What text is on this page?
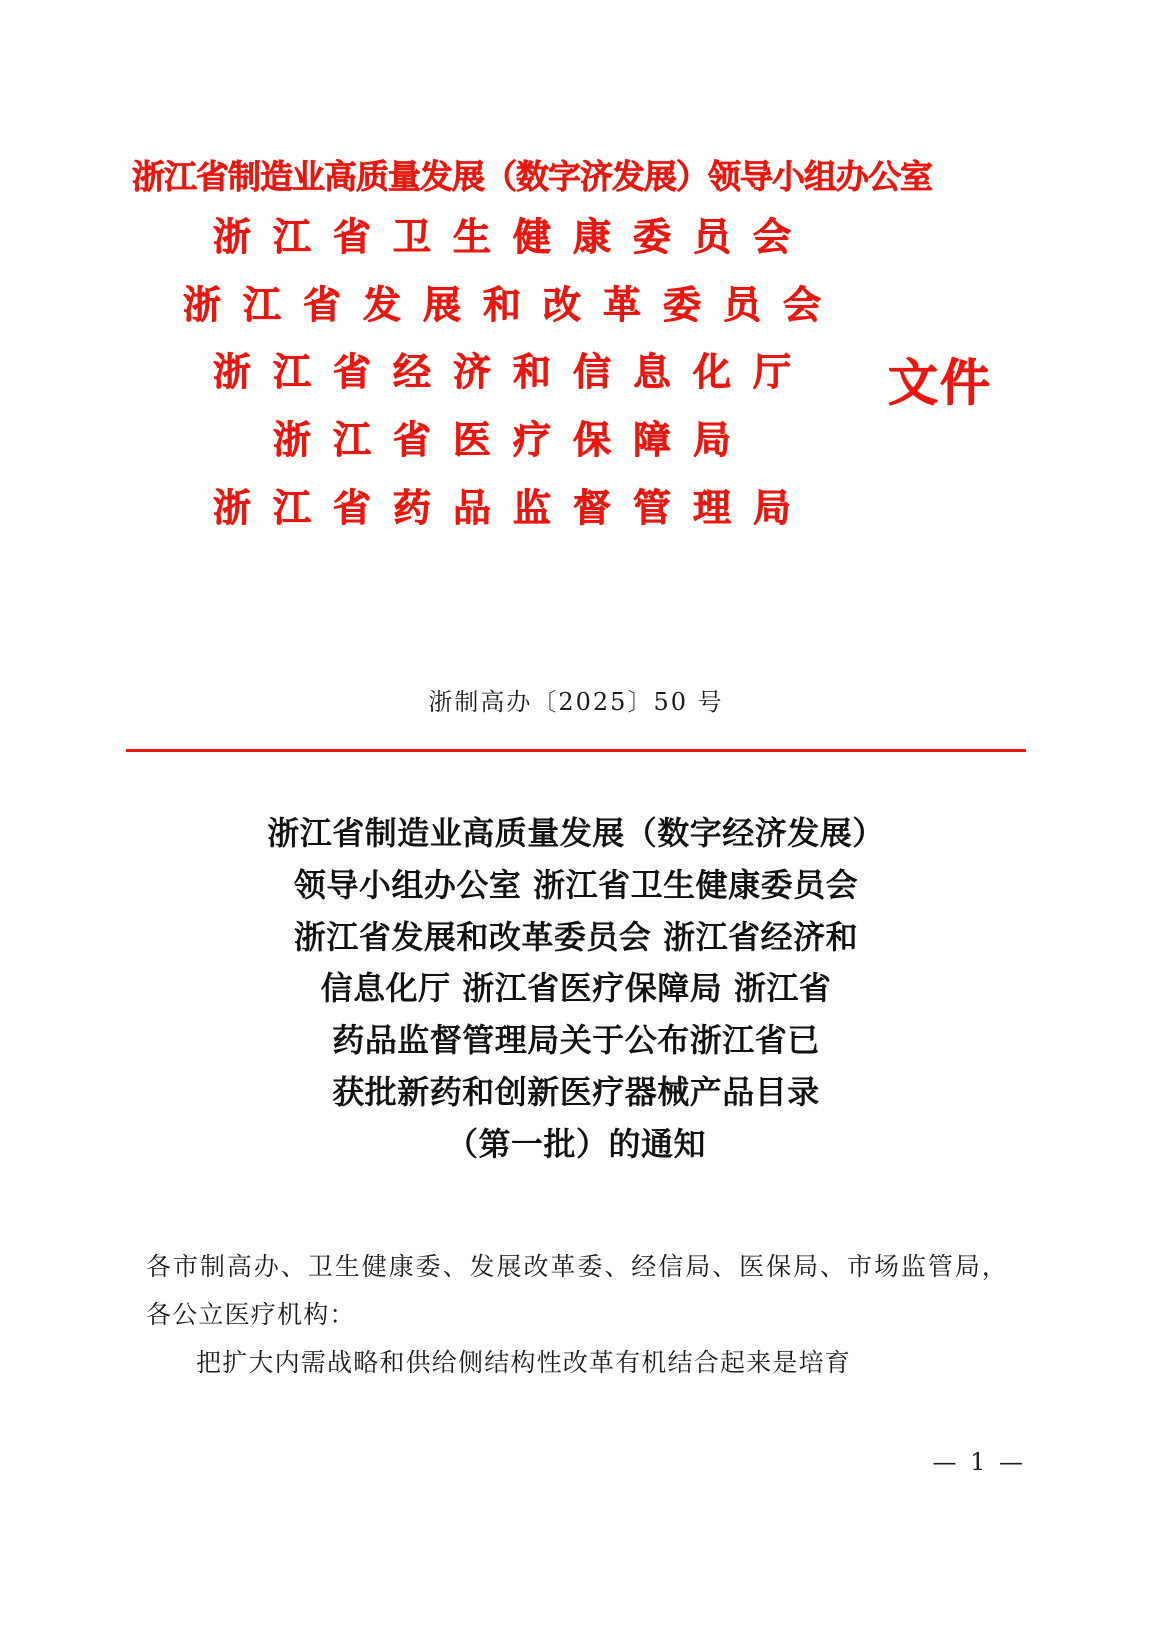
浙江省制造业高质量发展（数字济发展）领导小组办公室
浙江省卫生健康委员会
浙江省发展和改革委员会
浙江省经济和信息化厅
浙江省医疗保障局
浙江省药品监督管理局
文件
浙制高办〔2025〕50 号
浙江省制造业高质量发展（数字经济发展）
领导小组办公室 浙江省卫生健康委员会
浙江省发展和改革委员会 浙江省经济和
信息化厅 浙江省医疗保障局 浙江省
药品监督管理局关于公布浙江省已
获批新药和创新医疗器械产品目录
（第一批）的通知

各市制高办、卫生健康委、发展改革委、经信局、医保局、市场监管局，各公立医疗机构：

把扩大内需战略和供给侧结构性改革有机结合起来是培育

— 1 —
